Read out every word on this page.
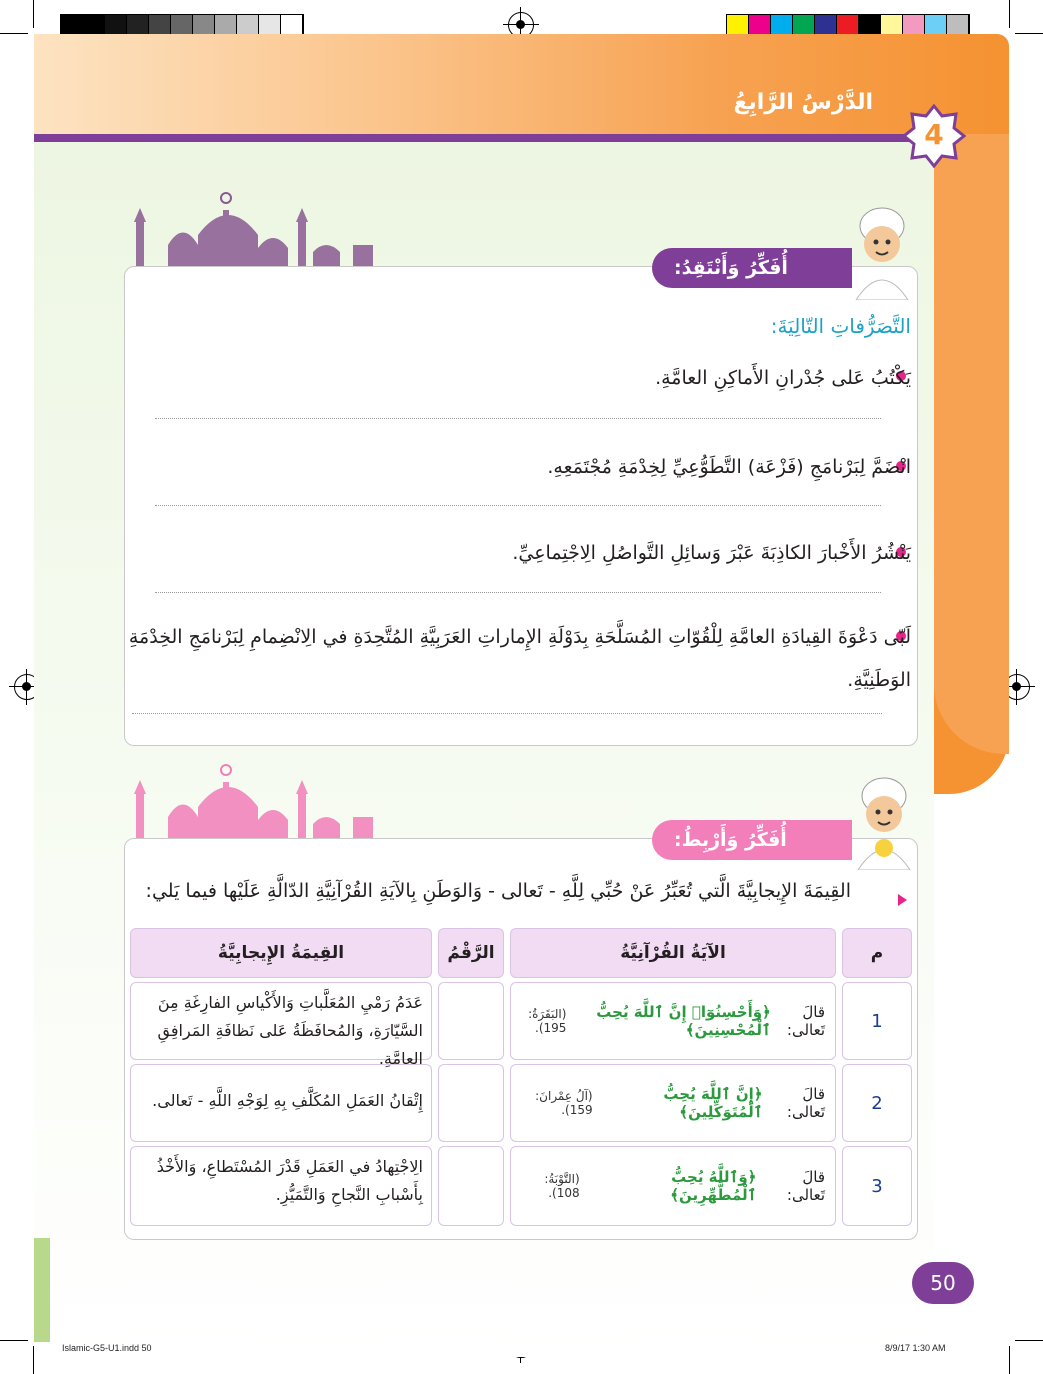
الدَّرْسُ الرَّابِعُ
4
أُفَكِّرُ وَأَنْتَقِدُ:
التَّصَرُّفاتِ التّالِيَةَ:
يَكْتُبُ عَلى جُدْرانِ الأَماكِنِ العامَّةِ.
انْضَمَّ لِبَرْنامَجِ (فَزْعَة) التَّطَوُّعِيِّ لِخِدْمَةِ مُجْتَمَعِهِ.
يَنْشُرُ الأَخْبارَ الكاذِبَةَ عَبْرَ وَسائِلِ التَّواصُلِ الِاجْتِماعِيِّ.
لَبّى دَعْوَةَ القِيادَةِ العامَّةِ لِلْقُوّاتِ المُسَلَّحَةِ بِدَوْلَةِ الإِماراتِ العَرَبِيَّةِ المُتَّحِدَةِ في الِانْضِمامِ لِبَرْنامَجِ الخِدْمَةِ
الوَطَنِيَّةِ.
أُفَكِّرُ وَأَرْبِطُ:
القِيمَةَ الإِيجابِيَّةَ الَّتي تُعَبِّرُ عَنْ حُبِّي لِلَّهِ - تَعالى - وَالوَطَنِ بِالآيَةِ القُرْآنِيَّةِ الدّالَّةِ عَلَيْها فيما يَلي:
م
الآيَةُ القُرْآنِيَّةُ
الرَّقْمُ
القِيمَةُ الإِيجابِيَّةُ
1
قالَ تَعالى:

﴿وَأَحْسِنُوٓا۟ إِنَّ ٱللَّهَ يُحِبُّ ٱلْمُحْسِنِينَ﴾

(البَقَرَةُ: 195).
عَدَمُ رَمْيِ المُعَلَّباتِ وَالأَكْياسِ الفارِغَةِ مِنَ السَّيّارَةِ، وَالمُحافَظَةُ عَلى نَظافَةِ المَرافِقِ العامَّةِ.
2
قالَ تَعالى:

﴿إِنَّ ٱللَّهَ يُحِبُّ ٱلْمُتَوَكِّلِينَ﴾

(آلُ عِمْرانَ: 159).
إِتْقانُ العَمَلِ المُكَلَّفِ بِهِ لِوَجْهِ اللَّهِ - تَعالى.
3
قالَ تَعالى:

﴿وَٱللَّهُ يُحِبُّ ٱلْمُطَّهِّرِينَ﴾

(التَّوْبَةُ: 108).
الِاجْتِهادُ في العَمَلِ قَدْرَ المُسْتَطاعِ، وَالأَخْذُ بِأَسْبابِ النَّجاحِ وَالتَّمَيُّزِ.
50
Islamic-G5-U1.indd 50	8/9/17 1:30 AM
